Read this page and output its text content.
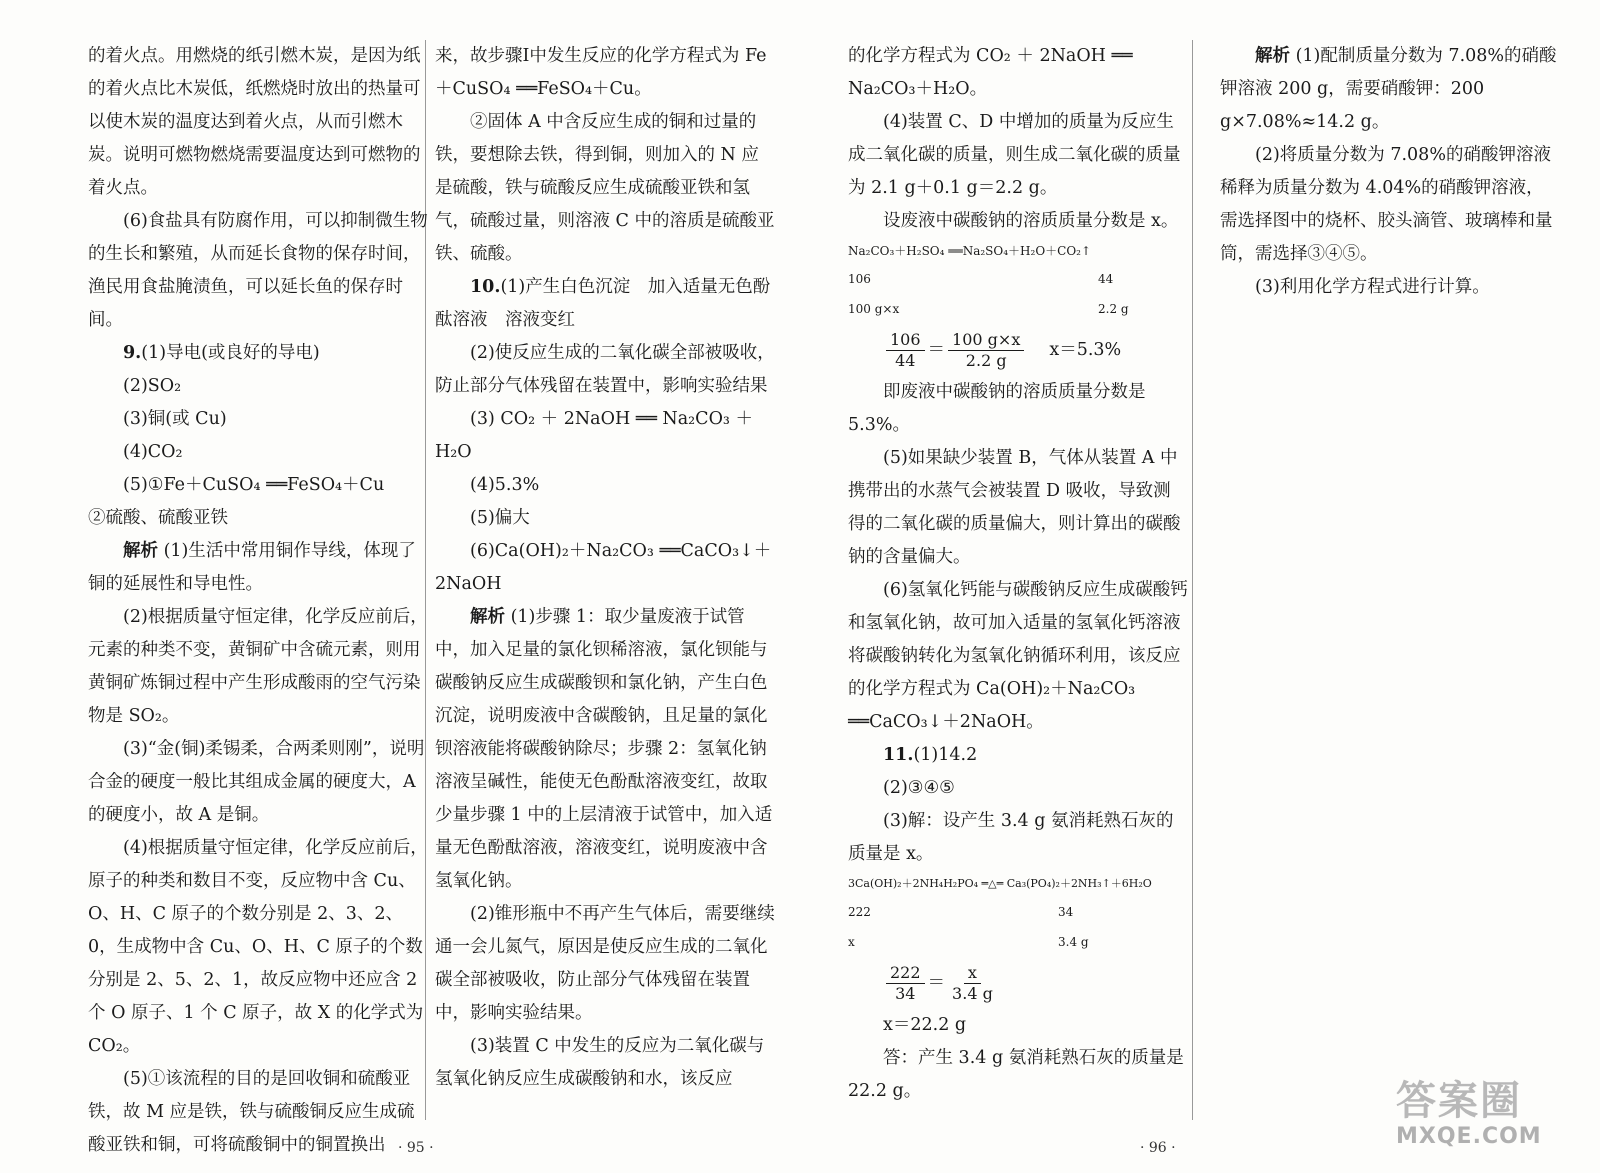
的着火点。用燃烧的纸引燃木炭，是因为纸的着火点比木炭低，纸燃烧时放出的热量可以使木炭的温度达到着火点，从而引燃木炭。说明可燃物燃烧需要温度达到可燃物的着火点。

(6)食盐具有防腐作用，可以抑制微生物的生长和繁殖，从而延长食物的保存时间，渔民用食盐腌渍鱼，可以延长鱼的保存时间。

9.(1)导电(或良好的导电)

(2)SO₂

(3)铜(或 Cu)

(4)CO₂

(5)①Fe＋CuSO₄ ══FeSO₄＋Cu

②硫酸、硫酸亚铁

解析 (1)生活中常用铜作导线，体现了铜的延展性和导电性。

(2)根据质量守恒定律，化学反应前后，元素的种类不变，黄铜矿中含硫元素，则用黄铜矿炼铜过程中产生形成酸雨的空气污染物是 SO₂。

(3)“金(铜)柔锡柔，合两柔则刚”，说明合金的硬度一般比其组成金属的硬度大，A 的硬度小，故 A 是铜。

(4)根据质量守恒定律，化学反应前后，原子的种类和数目不变，反应物中含 Cu、O、H、C 原子的个数分别是 2、3、2、0，生成物中含 Cu、O、H、C 原子的个数分别是 2、5、2、1，故反应物中还应含 2 个 O 原子、1 个 C 原子，故 X 的化学式为 CO₂。

(5)①该流程的目的是回收铜和硫酸亚铁，故 M 应是铁，铁与硫酸铜反应生成硫酸亚铁和铜，可将硫酸铜中的铜置换出

来，故步骤Ⅰ中发生反应的化学方程式为 Fe＋CuSO₄ ══FeSO₄＋Cu。

②固体 A 中含反应生成的铜和过量的铁，要想除去铁，得到铜，则加入的 N 应是硫酸，铁与硫酸反应生成硫酸亚铁和氢气，硫酸过量，则溶液 C 中的溶质是硫酸亚铁、硫酸。

10.(1)产生白色沉淀　加入适量无色酚酞溶液　溶液变红

(2)使反应生成的二氧化碳全部被吸收，防止部分气体残留在装置中，影响实验结果

(3) CO₂ ＋ 2NaOH ══ Na₂CO₃ ＋ H₂O

(4)5.3%

(5)偏大

(6)Ca(OH)₂＋Na₂CO₃ ══CaCO₃↓＋2NaOH

解析 (1)步骤 1：取少量废液于试管中，加入足量的氯化钡稀溶液，氯化钡能与碳酸钠反应生成碳酸钡和氯化钠，产生白色沉淀，说明废液中含碳酸钠，且足量的氯化钡溶液能将碳酸钠除尽；步骤 2：氢氧化钠溶液呈碱性，能使无色酚酞溶液变红，故取少量步骤 1 中的上层清液于试管中，加入适量无色酚酞溶液，溶液变红，说明废液中含氢氧化钠。

(2)锥形瓶中不再产生气体后，需要继续通一会儿氮气，原因是使反应生成的二氧化碳全部被吸收，防止部分气体残留在装置中，影响实验结果。

(3)装置 C 中发生的反应为二氧化碳与氢氧化钠反应生成碳酸钠和水，该反应

的化学方程式为 CO₂ ＋ 2NaOH ══ Na₂CO₃＋H₂O。

(4)装置 C、D 中增加的质量为反应生成二氧化碳的质量，则生成二氧化碳的质量为 2.1 g＋0.1 g＝2.2 g。

设废液中碳酸钠的溶质质量分数是 x。

Na₂CO₃＋H₂SO₄ ══Na₂SO₄＋H₂O＋CO₂↑

106	44
100 g×x	2.2 g
$\frac{106}{44} = \frac{100 g\times x}{2.2 g} x=5.3\%$

即废液中碳酸钠的溶质质量分数是 5.3%。

(5)如果缺少装置 B，气体从装置 A 中携带出的水蒸气会被装置 D 吸收，导致测得的二氧化碳的质量偏大，则计算出的碳酸钠的含量偏大。

(6)氢氧化钙能与碳酸钠反应生成碳酸钙和氢氧化钠，故可加入适量的氢氧化钙溶液将碳酸钠转化为氢氧化钠循环利用，该反应的化学方程式为 Ca(OH)₂＋Na₂CO₃ ══CaCO₃↓＋2NaOH。

11.(1)14.2

(2)③④⑤

(3)解：设产生 3.4 g 氨消耗熟石灰的质量是 x。

3Ca(OH)₂＋2NH₄H₂PO₄ ═△═ Ca₃(PO₄)₂＋2NH₃↑＋6H₂O

222	34
x	3.4 g
$\frac{222}{34} = \frac{x}{3.4 g}$

x＝22.2 g

答：产生 3.4 g 氨消耗熟石灰的质量是 22.2 g。

解析 (1)配制质量分数为 7.08%的硝酸钾溶液 200 g，需要硝酸钾：200 g×7.08%≈14.2 g。

(2)将质量分数为 7.08%的硝酸钾溶液稀释为质量分数为 4.04%的硝酸钾溶液，需选择图中的烧杯、胶头滴管、玻璃棒和量筒，需选择③④⑤。

(3)利用化学方程式进行计算。

· 95 ·	· 96 ·
答案圈
MXQE.COM
